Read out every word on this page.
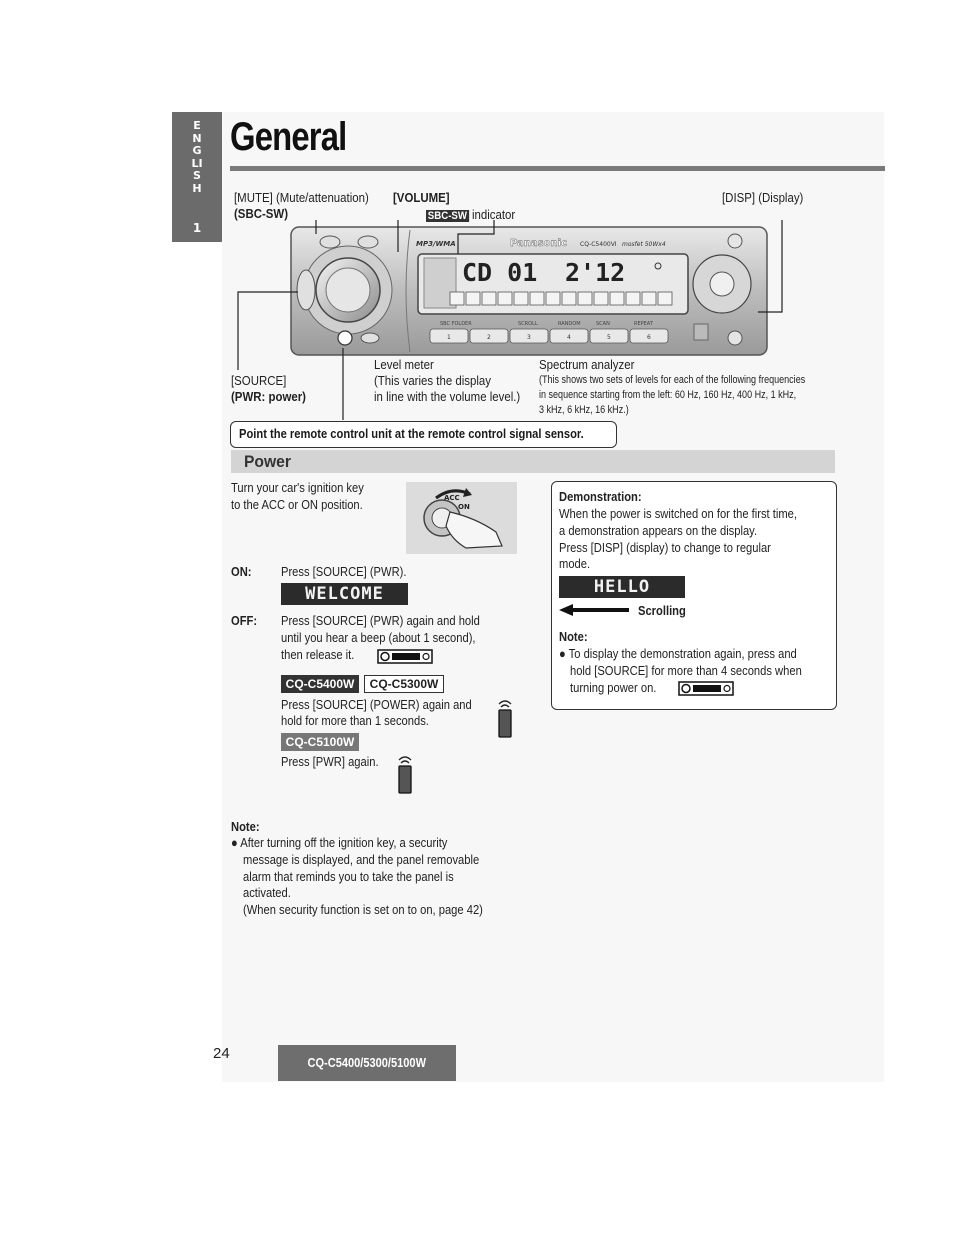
ENGLISH
1
General
[MUTE] (Mute/attenuation)
(SBC-SW)
[VOLUME]	[DISP] (Display)
SBC-SW indicator
MP3/WMA	Panasonic CQ-C5400VI mosfet 50Wx4
CD 01 2'12
SBC FOLDER	SCROLL	RANDOM	SCAN	REPEAT
1	2	3	4	5	6
[SOURCE]
(PWR: power)
Level meter
(This varies the display
in line with the volume level.)
Spectrum analyzer
(This shows two sets of levels for each of the following frequencies
in sequence starting from the left: 60 Hz, 160 Hz, 400 Hz, 1 kHz,
3 kHz, 6 kHz, 16 kHz.)
Point the remote control unit at the remote control signal sensor.
Power
Turn your car's ignition key
to the ACC or ON position.	ACC
ON
ON: Press [SOURCE] (PWR).
WELCOME
OFF: Press [SOURCE] (PWR) again and hold
until you hear a beep (about 1 second),
then release it.
CQ-C5400W	CQ-C5300W
Press [SOURCE] (POWER) again and
hold for more than 1 seconds.
CQ-C5100W
Press [PWR] again.
Note:
● After turning off the ignition key, a security
message is displayed, and the panel removable
alarm that reminds you to take the panel is
activated.
(When security function is set on to on, page 42)
Demonstration:
When the power is switched on for the first time,
a demonstration appears on the display.
Press [DISP] (display) to change to regular
mode.
HELLO
Scrolling
Note:
● To display the demonstration again, press and
hold [SOURCE] for more than 4 seconds when
turning power on.
24
CQ-C5400/5300/5100W
